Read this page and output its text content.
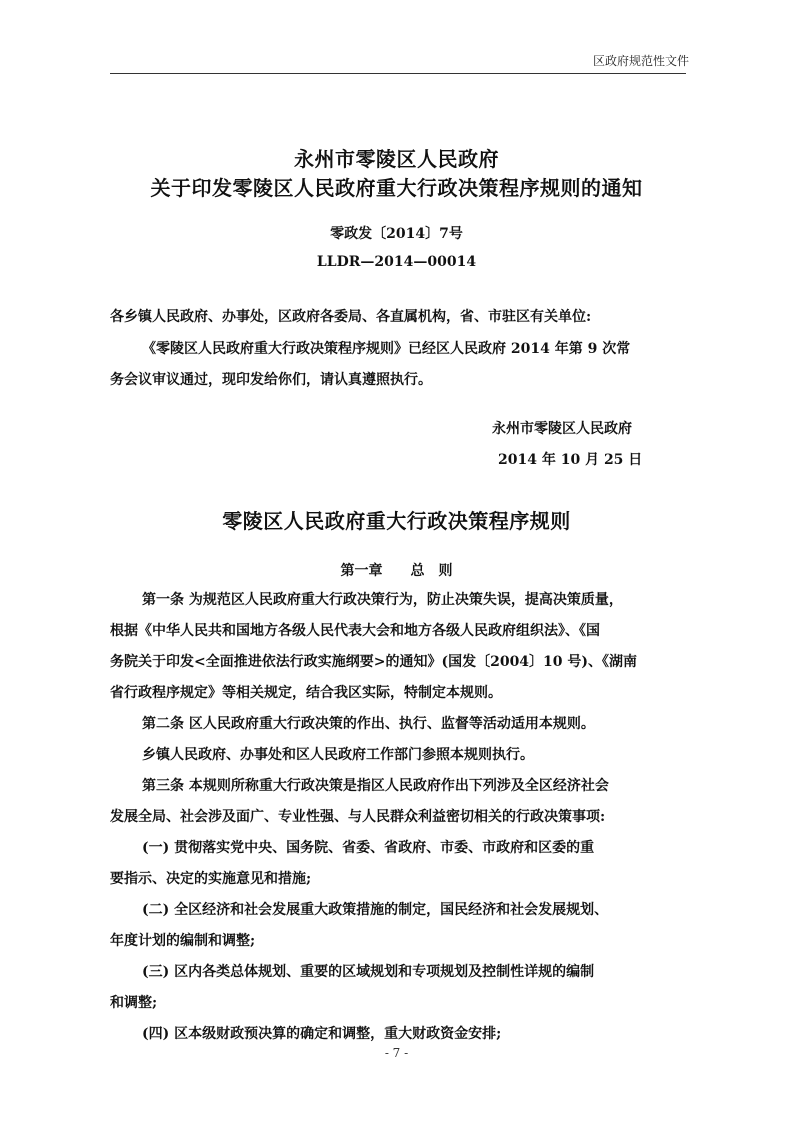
区政府规范性文件
永州市零陵区人民政府
关于印发零陵区人民政府重大行政决策程序规则的通知
零政发〔2014〕7号
LLDR—2014—00014
各乡镇人民政府、办事处，区政府各委局、各直属机构，省、市驻区有关单位:
《零陵区人民政府重大行政决策程序规则》已经区人民政府 2014 年第 9 次常
务会议审议通过，现印发给你们，请认真遵照执行。
永州市零陵区人民政府
2014 年 10 月 25 日
零陵区人民政府重大行政决策程序规则
第一章　　总　则
第一条 为规范区人民政府重大行政决策行为，防止决策失误，提高决策质量，
根据《中华人民共和国地方各级人民代表大会和地方各级人民政府组织法》、《国
务院关于印发<全面推进依法行政实施纲要>的通知》(国发〔2004〕10 号)、《湖南
省行政程序规定》等相关规定，结合我区实际，特制定本规则。
第二条 区人民政府重大行政决策的作出、执行、监督等活动适用本规则。
乡镇人民政府、办事处和区人民政府工作部门参照本规则执行。
第三条 本规则所称重大行政决策是指区人民政府作出下列涉及全区经济社会
发展全局、社会涉及面广、专业性强、与人民群众利益密切相关的行政决策事项:
(一) 贯彻落实党中央、国务院、省委、省政府、市委、市政府和区委的重
要指示、决定的实施意见和措施;
(二) 全区经济和社会发展重大政策措施的制定，国民经济和社会发展规划、
年度计划的编制和调整;
(三) 区内各类总体规划、重要的区域规划和专项规划及控制性详规的编制
和调整;
(四) 区本级财政预决算的确定和调整，重大财政资金安排;
- 7 -
